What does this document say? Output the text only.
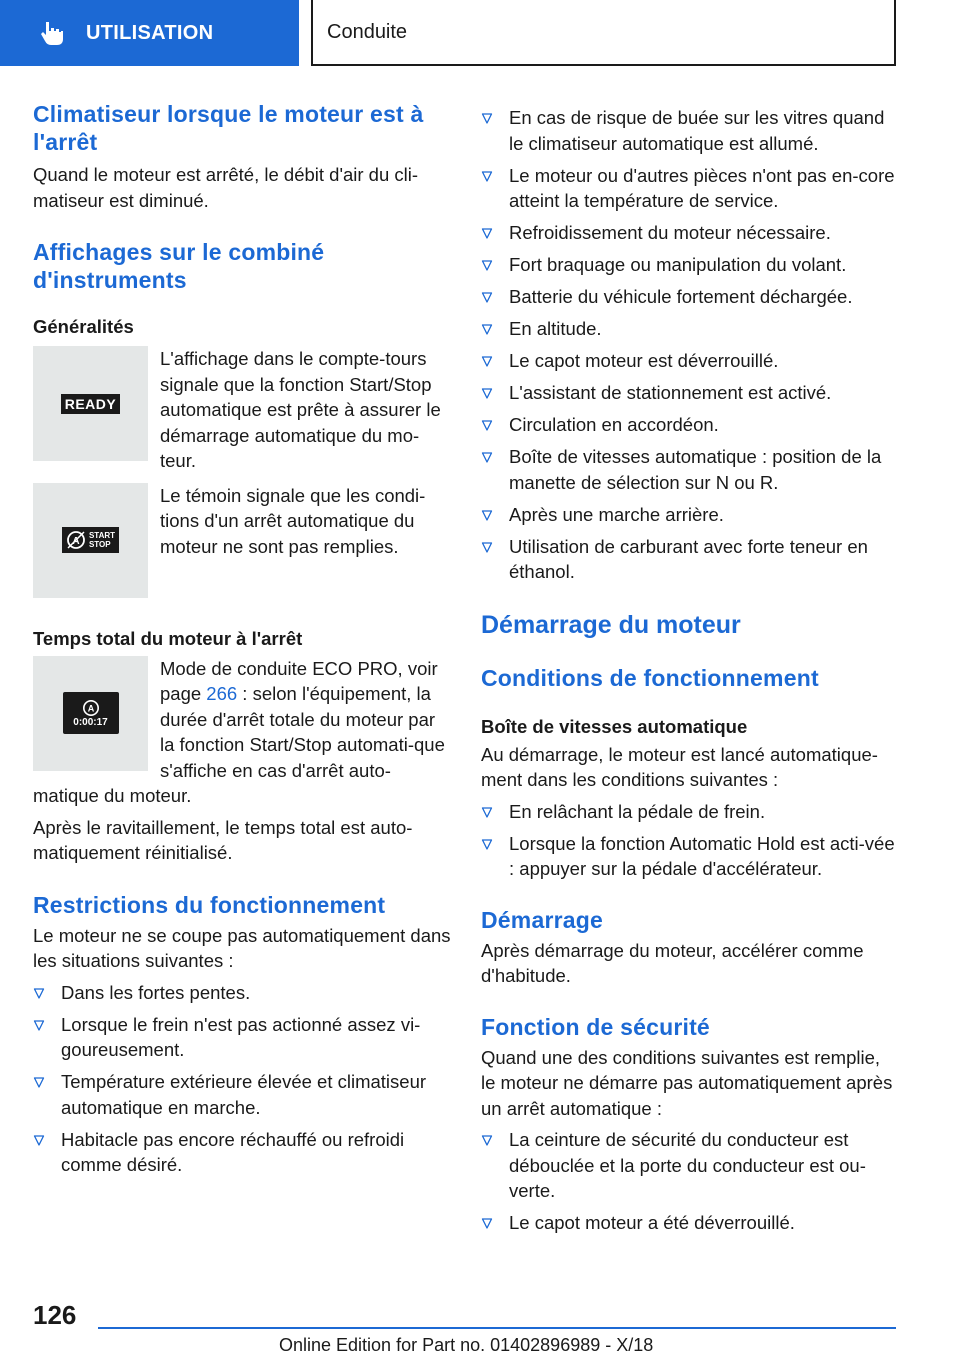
UTILISATION	Conduite
Climatiseur lorsque le moteur est à l'arrêt

Quand le moteur est arrêté, le débit d'air du cli-matiseur est diminué.

Affichages sur le combiné d'instruments
Généralités
READY

L'affichage dans le compte-tours signale que la fonction Start/Stop automatique est prête à assurer le démarrage automatique du mo-teur.

A
START
STOP

Le témoin signale que les condi-tions d'un arrêt automatique du moteur ne sont pas remplies.

Temps total du moteur à l'arrêt
A
0:00:17

Mode de conduite ECO PRO, voir page 266 : selon l'équipement, la durée d'arrêt totale du moteur par la fonction Start/Stop automati-que s'affiche en cas d'arrêt auto-matique du moteur.

Après le ravitaillement, le temps total est auto-matiquement réinitialisé.

Restrictions du fonctionnement

Le moteur ne se coupe pas automatiquement dans les situations suivantes :

Dans les fortes pentes.
Lorsque le frein n'est pas actionné assez vi-goureusement.
Température extérieure élevée et climatiseur automatique en marche.
Habitacle pas encore réchauffé ou refroidi comme désiré.
En cas de risque de buée sur les vitres quand le climatiseur automatique est allumé.
Le moteur ou d'autres pièces n'ont pas en-core atteint la température de service.
Refroidissement du moteur nécessaire.
Fort braquage ou manipulation du volant.
Batterie du véhicule fortement déchargée.
En altitude.
Le capot moteur est déverrouillé.
L'assistant de stationnement est activé.
Circulation en accordéon.
Boîte de vitesses automatique : position de la manette de sélection sur N ou R.
Après une marche arrière.
Utilisation de carburant avec forte teneur en éthanol.
Démarrage du moteur
Conditions de fonctionnement
Boîte de vitesses automatique

Au démarrage, le moteur est lancé automatique-ment dans les conditions suivantes :

En relâchant la pédale de frein.
Lorsque la fonction Automatic Hold est acti-vée : appuyer sur la pédale d'accélérateur.
Démarrage

Après démarrage du moteur, accélérer comme d'habitude.

Fonction de sécurité

Quand une des conditions suivantes est remplie, le moteur ne démarre pas automatiquement après un arrêt automatique :

La ceinture de sécurité du conducteur est débouclée et la porte du conducteur est ou-verte.
Le capot moteur a été déverrouillé.
126
Online Edition for Part no. 01402896989 - X/18
